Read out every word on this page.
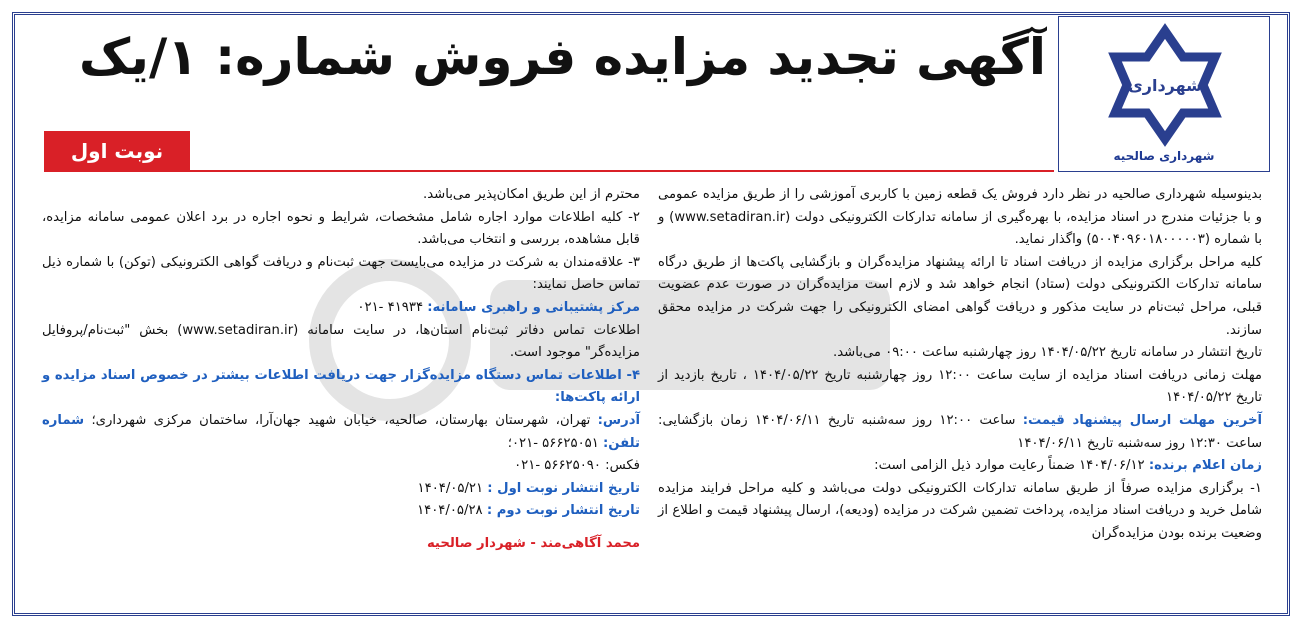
شهرداری
شهرداری صالحیه
آگهی تجدید مزایده فروش شماره: ۱/یک
نوبت اول

بدینوسیله شهرداری صالحیه در نظر دارد فروش یک قطعه زمین با کاربری آموزشی را از طریق مزایده عمومی و با جزئیات مندرج در اسناد مزایده، با بهره‌گیری از سامانه تدارکات الکترونیکی دولت (www.setadiran.ir) و با شماره (۵۰۰۴۰۹۶۰۱۸۰۰۰۰۰۳) واگذار نماید.

کلیه مراحل برگزاری مزایده از دریافت اسناد تا ارائه پیشنهاد مزایده‌گران و بازگشایی پاکت‌ها از طریق درگاه سامانه تدارکات الکترونیکی دولت (ستاد) انجام خواهد شد و لازم است مزایده‌گران در صورت عدم عضویت قبلی، مراحل ثبت‌نام در سایت مذکور و دریافت گواهی امضای الکترونیکی را جهت شرکت در مزایده محقق سازند.

تاریخ انتشار در سامانه تاریخ ۱۴۰۴/۰۵/۲۲ روز چهارشنبه ساعت ۰۹:۰۰ می‌باشد.

مهلت زمانی دریافت اسناد مزایده از سایت ساعت ۱۲:۰۰ روز چهارشنبه تاریخ ۱۴۰۴/۰۵/۲۲ ، تاریخ بازدید از تاریخ ۱۴۰۴/۰۵/۲۲

آخرین مهلت ارسال پیشنهاد قیمت: ساعت ۱۲:۰۰ روز سه‌شنبه تاریخ ۱۴۰۴/۰۶/۱۱ زمان بازگشایی: ساعت ۱۲:۳۰ روز سه‌شنبه تاریخ ۱۴۰۴/۰۶/۱۱

زمان اعلام برنده: ۱۴۰۴/۰۶/۱۲ ضمناً رعایت موارد ذیل الزامی است:

۱- برگزاری مزایده صرفاً از طریق سامانه تدارکات الکترونیکی دولت می‌باشد و کلیه مراحل فرایند مزایده شامل خرید و دریافت اسناد مزایده، پرداخت تضمین شرکت در مزایده (ودیعه)، ارسال پیشنهاد قیمت و اطلاع از وضعیت برنده بودن مزایده‌گران

محترم از این طریق امکان‌پذیر می‌باشد.

۲- کلیه اطلاعات موارد اجاره شامل مشخصات، شرایط و نحوه اجاره در برد اعلان عمومی سامانه مزایده، قابل مشاهده، بررسی و انتخاب می‌باشد.

۳- علاقه‌مندان به شرکت در مزایده می‌بایست جهت ثبت‌نام و دریافت گواهی الکترونیکی (توکن) با شماره ذیل تماس حاصل نمایند:

مرکز پشتیبانی و راهبری سامانه: ۴۱۹۳۴ -۰۲۱

اطلاعات تماس دفاتر ثبت‌نام استان‌ها، در سایت سامانه (www.setadiran.ir) بخش "ثبت‌نام/پروفایل مزایده‌گر" موجود است.

۴- اطلاعات تماس دستگاه مزایده‌گزار جهت دریافت اطلاعات بیشتر در خصوص اسناد مزایده و ارائه پاکت‌ها:

آدرس: تهران، شهرستان بهارستان، صالحیه، خیابان شهید جهان‌آرا، ساختمان مرکزی شهرداری؛ شماره تلفن: ۵۶۶۲۵۰۵۱ -۰۲۱؛

فکس: ۵۶۶۲۵۰۹۰ -۰۲۱

تاریخ انتشار نوبت اول : ۱۴۰۴/۰۵/۲۱

تاریخ انتشار نوبت دوم : ۱۴۰۴/۰۵/۲۸

محمد آگاهی‌مند - شهردار صالحیه
